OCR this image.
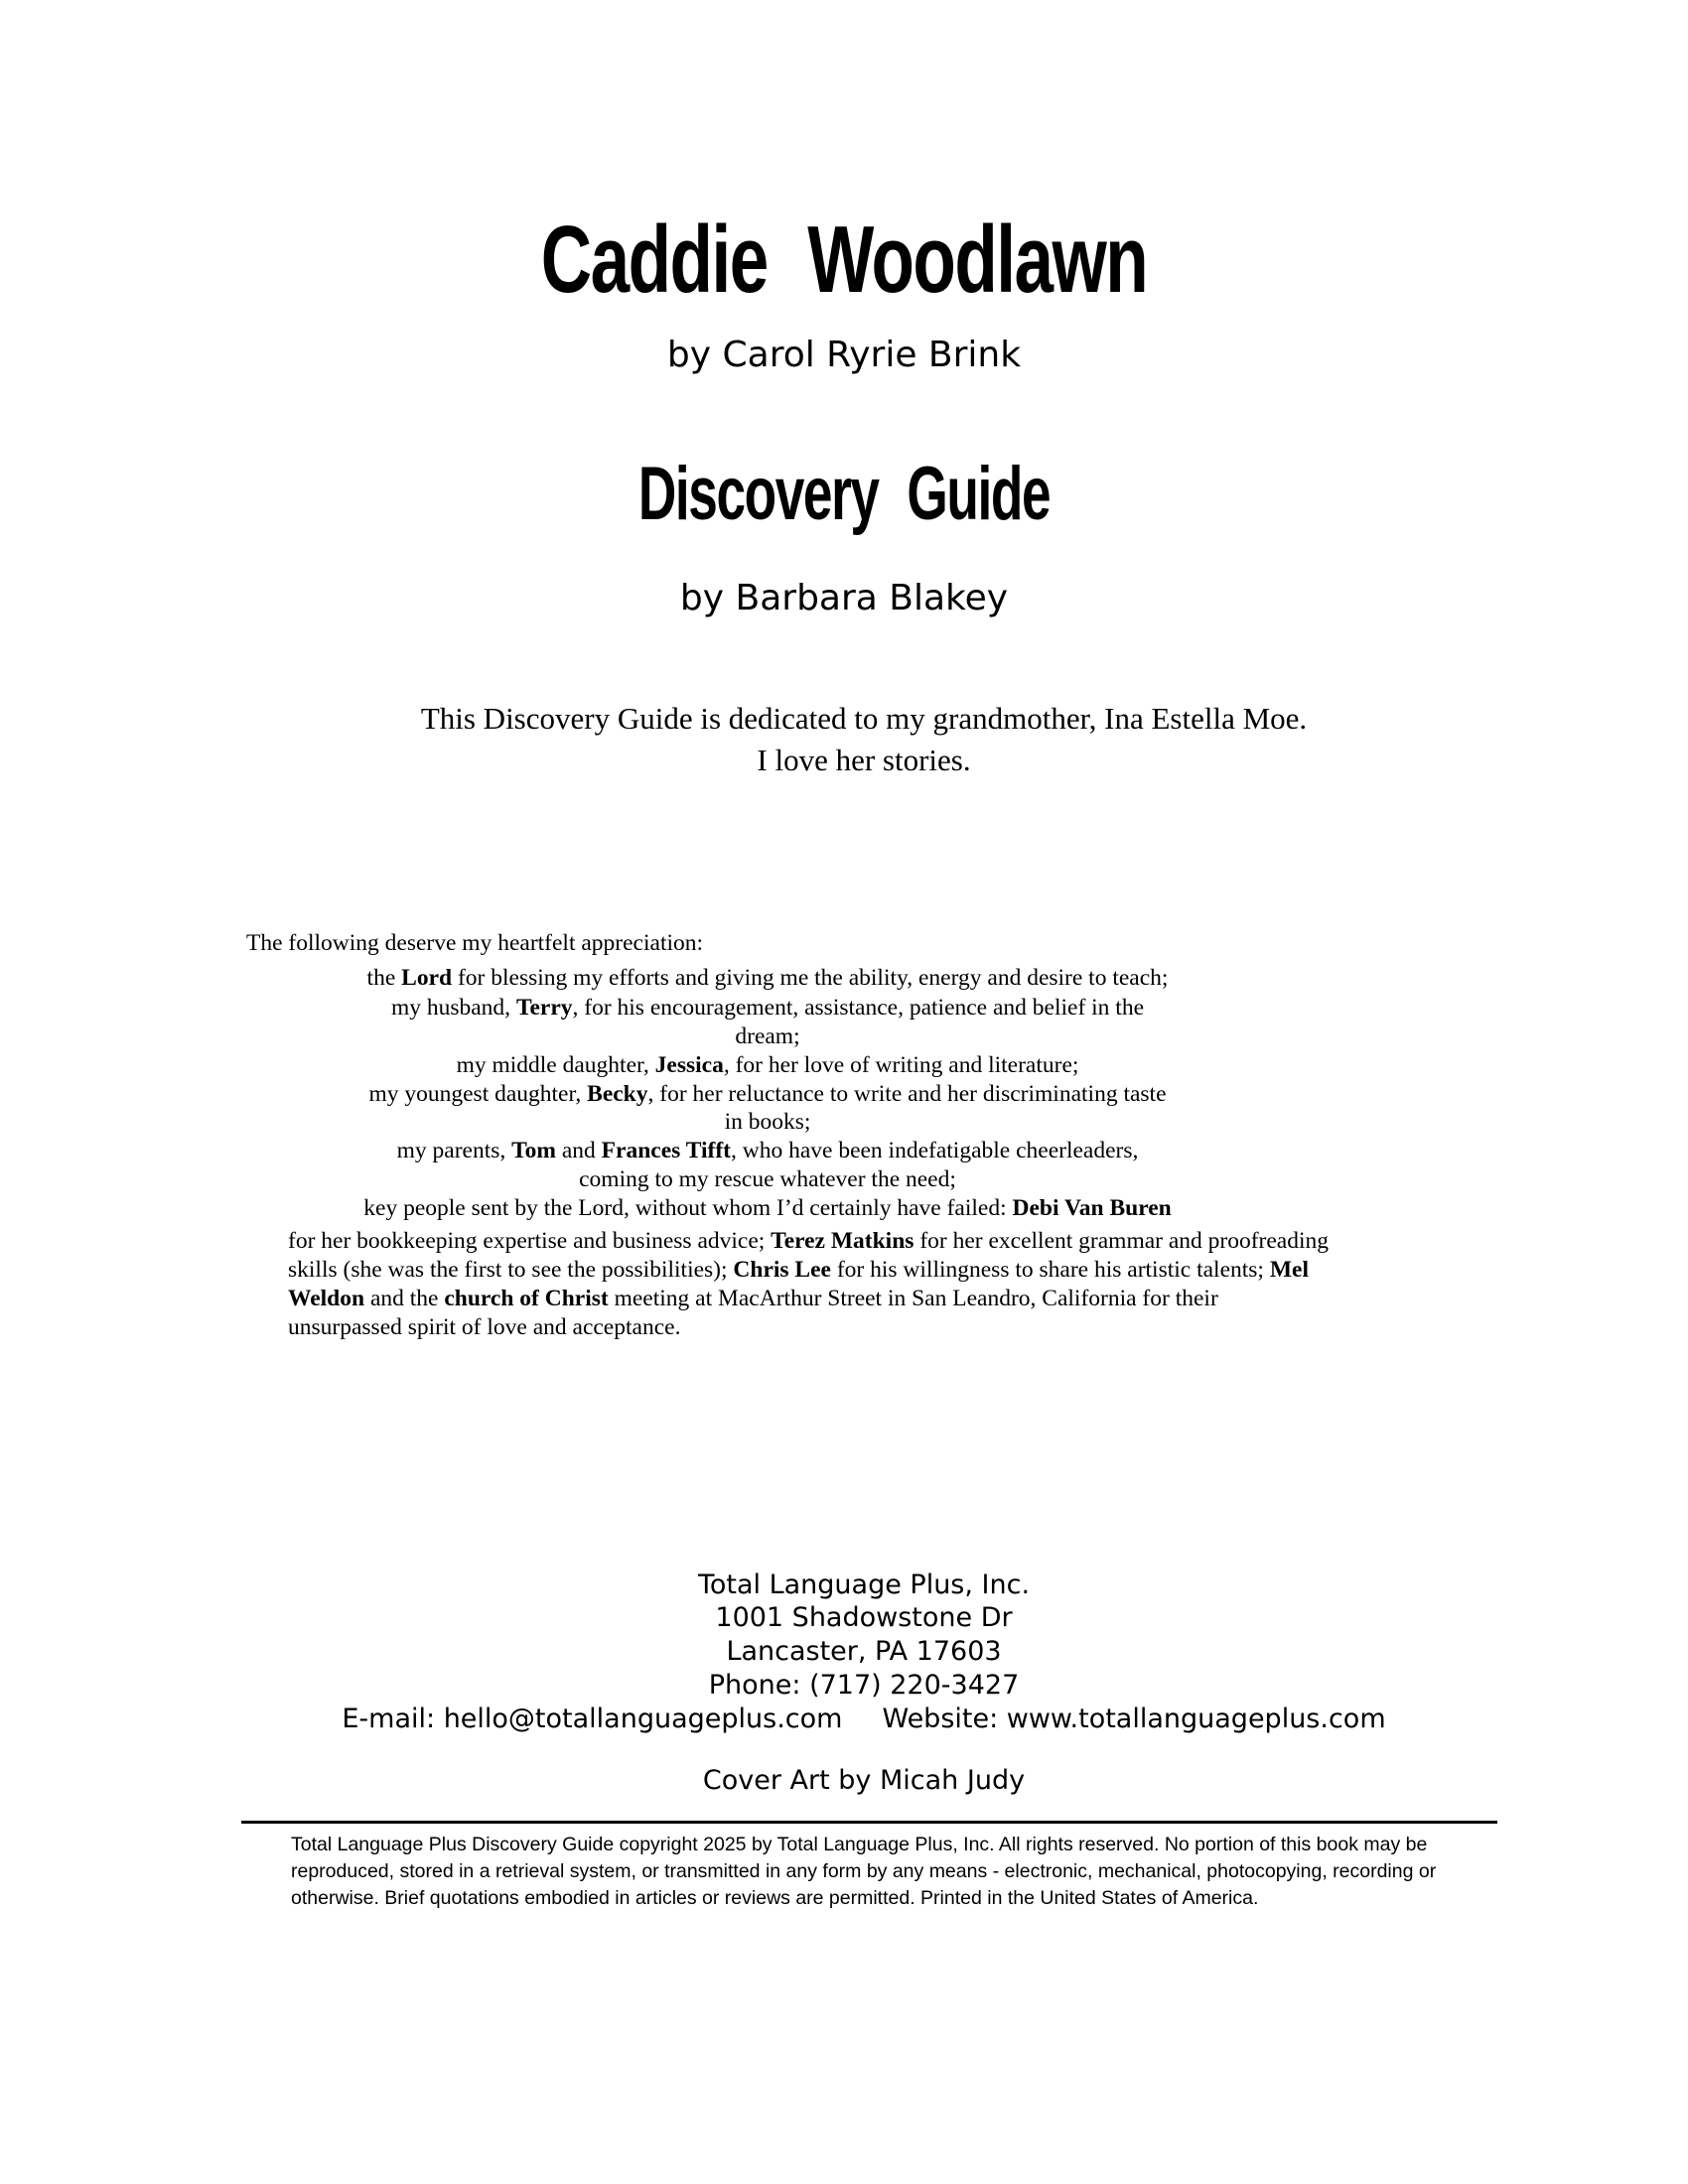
Caddie Woodlawn
by Carol Ryrie Brink
Discovery Guide
by Barbara Blakey
This Discovery Guide is dedicated to my grandmother, Ina Estella Moe. I love her stories.
The following deserve my heartfelt appreciation:
the Lord for blessing my efforts and giving me the ability, energy and desire to teach;
my husband, Terry, for his encouragement, assistance, patience and belief in the
dream;
my middle daughter, Jessica, for her love of writing and literature;
my youngest daughter, Becky, for her reluctance to write and her discriminating taste
in books;
my parents, Tom and Frances Tifft, who have been indefatigable cheerleaders,
coming to my rescue whatever the need;
key people sent by the Lord, without whom I’d certainly have failed: Debi Van Buren
for her bookkeeping expertise and business advice; Terez Matkins for her excellent grammar and proofreading skills (she was the first to see the possibilities); Chris Lee for his willingness to share his artistic talents; Mel Weldon and the church of Christ meeting at MacArthur Street in San Leandro, California for their unsurpassed spirit of love and acceptance.
Total Language Plus, Inc.
1001 Shadowstone Dr
Lancaster, PA 17603
Phone: (717) 220-3427
E-mail: hello@totallanguageplus.com Website: www.totallanguageplus.com
Cover Art by Micah Judy
Total Language Plus Discovery Guide copyright 2025 by Total Language Plus, Inc. All rights reserved. No portion of this book may be reproduced, stored in a retrieval system, or transmitted in any form by any means - electronic, mechanical, photocopying, recording or otherwise. Brief quotations embodied in articles or reviews are permitted. Printed in the United States of America.
